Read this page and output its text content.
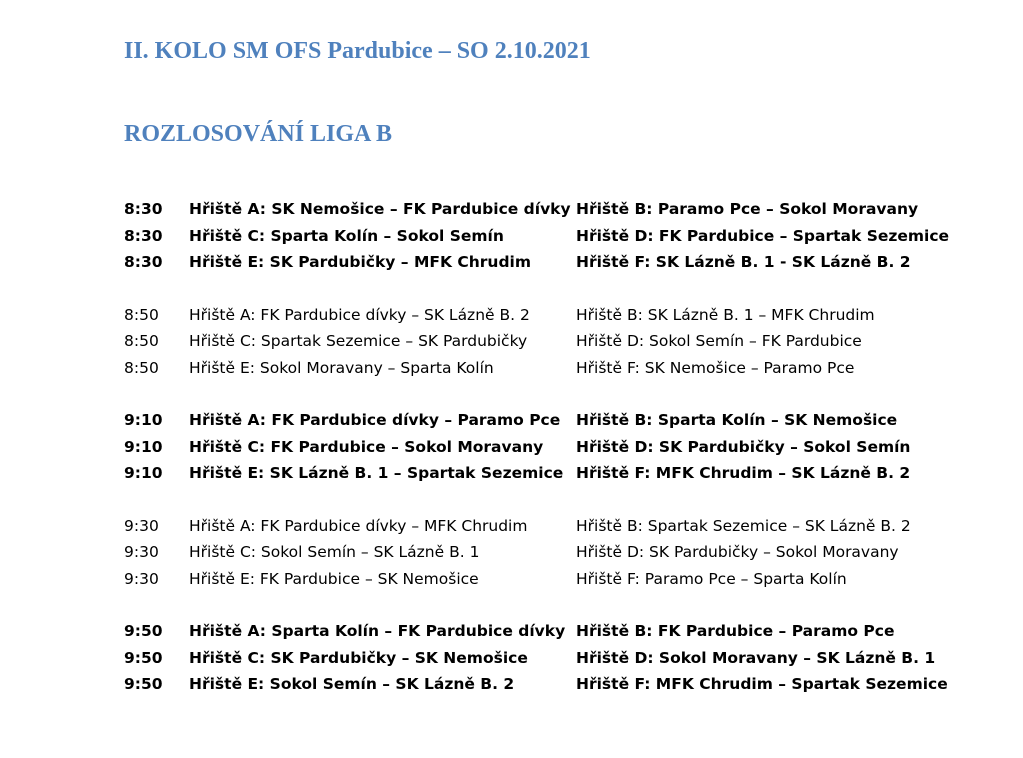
II. KOLO SM OFS Pardubice – SO 2.10.2021
ROZLOSOVÁNÍ LIGA B
8:30 Hřiště A: SK Nemošice – FK Pardubice dívky Hřiště B: Paramo Pce – Sokol Moravany
8:30 Hřiště C: Sparta Kolín – Sokol Semín	Hřiště D: FK Pardubice – Spartak Sezemice
8:30 Hřiště E: SK Pardubičky – MFK Chrudim	Hřiště F: SK Lázně B. 1 - SK Lázně B. 2
8:50 Hřiště A: FK Pardubice dívky – SK Lázně B. 2	Hřiště B: SK Lázně B. 1 – MFK Chrudim
8:50 Hřiště C: Spartak Sezemice – SK Pardubičky	Hřiště D: Sokol Semín – FK Pardubice
8:50 Hřiště E: Sokol Moravany – Sparta Kolín	Hřiště F: SK Nemošice – Paramo Pce
9:10 Hřiště A: FK Pardubice dívky – Paramo Pce Hřiště B: Sparta Kolín – SK Nemošice
9:10 Hřiště C: FK Pardubice – Sokol Moravany Hřiště D: SK Pardubičky – Sokol Semín
9:10 Hřiště E: SK Lázně B. 1 – Spartak Sezemice Hřiště F: MFK Chrudim – SK Lázně B. 2
9:30 Hřiště A: FK Pardubice dívky – MFK Chrudim	Hřiště B: Spartak Sezemice – SK Lázně B. 2
9:30 Hřiště C: Sokol Semín – SK Lázně B. 1	Hřiště D: SK Pardubičky – Sokol Moravany
9:30 Hřiště E: FK Pardubice – SK Nemošice	Hřiště F: Paramo Pce – Sparta Kolín
9:50 Hřiště A: Sparta Kolín – FK Pardubice dívky Hřiště B: FK Pardubice – Paramo Pce
9:50 Hřiště C: SK Pardubičky – SK Nemošice	Hřiště D: Sokol Moravany – SK Lázně B. 1
9:50 Hřiště E: Sokol Semín – SK Lázně B. 2	Hřiště F: MFK Chrudim – Spartak Sezemice
